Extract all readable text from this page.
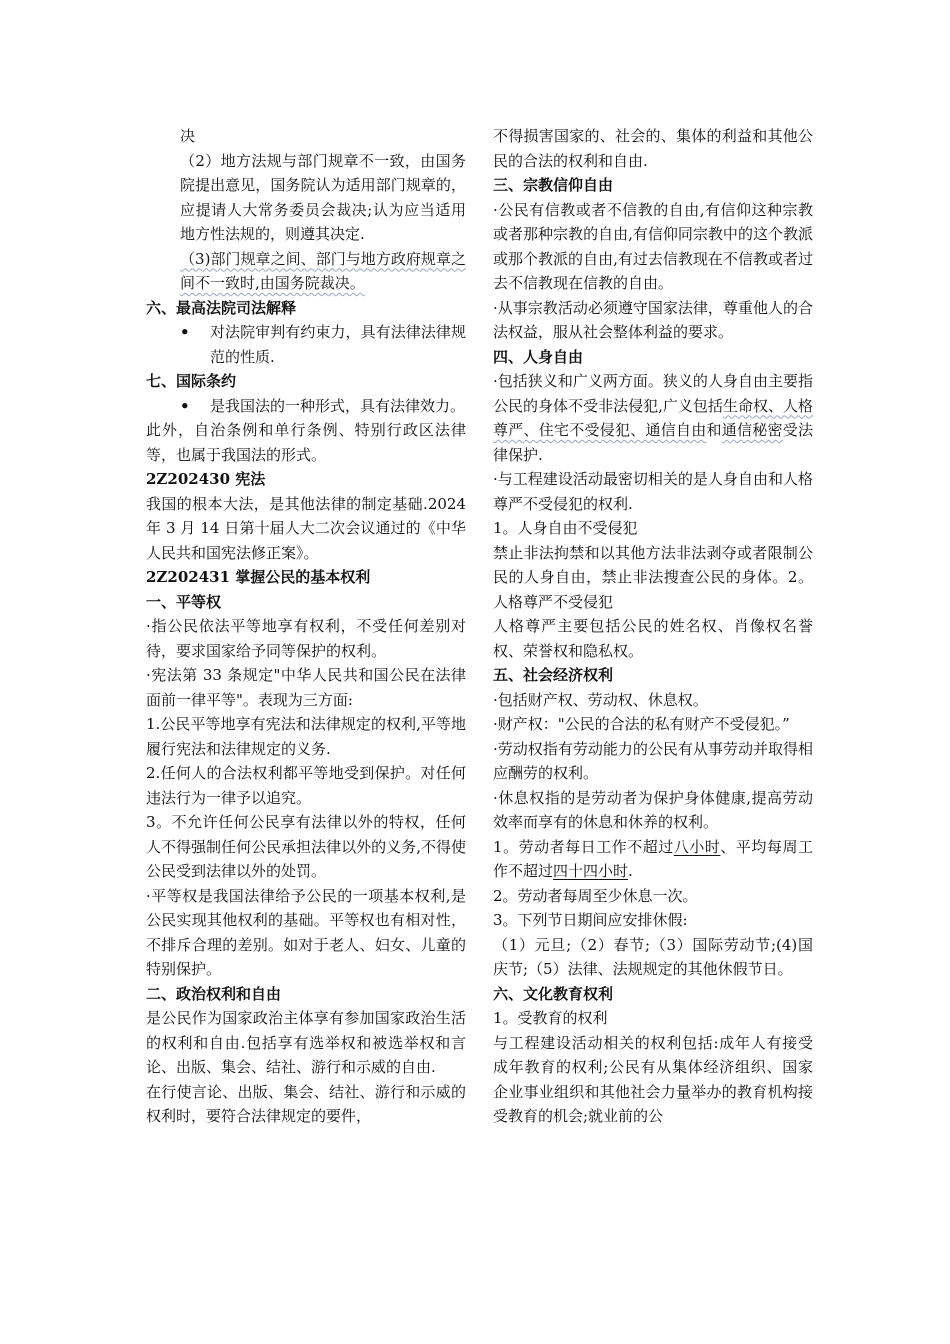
决

（2）地方法规与部门规章不一致，由国务院提出意见，国务院认为适用部门规章的，应提请人大常务委员会裁决;认为应当适用地方性法规的，则遵其决定.

（3)部门规章之间、部门与地方政府规章之间不一致时,由国务院裁决。

六、最高法院司法解释

•	对法院审判有约束力，具有法律法律规范的性质.

七、国际条约

•	是我国法的一种形式，具有法律效力。

此外，自治条例和单行条例、特别行政区法律等，也属于我国法的形式。

2Z202430 宪法

我国的根本大法，是其他法律的制定基础.2024 年 3 月 14 日第十届人大二次会议通过的《中华人民共和国宪法修正案》。

2Z202431 掌握公民的基本权利

一、平等权

·指公民依法平等地享有权利，不受任何差别对待，要求国家给予同等保护的权利。

·宪法第 33 条规定"中华人民共和国公民在法律面前一律平等"。表现为三方面:

1.公民平等地享有宪法和法律规定的权利,平等地履行宪法和法律规定的义务.

2.任何人的合法权利都平等地受到保护。对任何违法行为一律予以追究。

3。不允许任何公民享有法律以外的特权，任何人不得强制任何公民承担法律以外的义务,不得使公民受到法律以外的处罚。

·平等权是我国法律给予公民的一项基本权利,是公民实现其他权利的基础。平等权也有相对性，不排斥合理的差别。如对于老人、妇女、儿童的特别保护。

二、政治权利和自由

是公民作为国家政治主体享有参加国家政治生活的权利和自由.包括享有选举权和被选举权和言论、出版、集会、结社、游行和示威的自由.

在行使言论、出版、集会、结社、游行和示威的权利时，要符合法律规定的要件，

不得损害国家的、社会的、集体的利益和其他公民的合法的权利和自由.

三、宗教信仰自由

·公民有信教或者不信教的自由,有信仰这种宗教或者那种宗教的自由,有信仰同宗教中的这个教派或那个教派的自由,有过去信教现在不信教或者过去不信教现在信教的自由。

·从事宗教活动必须遵守国家法律，尊重他人的合法权益，服从社会整体利益的要求。

四、人身自由

·包括狭义和广义两方面。狭义的人身自由主要指公民的身体不受非法侵犯,广义包括生命权、人格尊严、住宅不受侵犯、通信自由和通信秘密受法律保护.

·与工程建设活动最密切相关的是人身自由和人格尊严不受侵犯的权利.

1。人身自由不受侵犯

禁止非法拘禁和以其他方法非法剥夺或者限制公民的人身自由，禁止非法搜查公民的身体。2。人格尊严不受侵犯

人格尊严主要包括公民的姓名权、肖像权名誉权、荣誉权和隐私权。

五、社会经济权利

·包括财产权、劳动权、休息权。

·财产权："公民的合法的私有财产不受侵犯。”

·劳动权指有劳动能力的公民有从事劳动并取得相应酬劳的权利。

·休息权指的是劳动者为保护身体健康,提高劳动效率而享有的休息和休养的权利。

1。劳动者每日工作不超过八小时、平均每周工作不超过四十四小时.

2。劳动者每周至少休息一次。

3。下列节日期间应安排休假:

（1）元旦;（2）春节;（3）国际劳动节;(4)国庆节;（5）法律、法规规定的其他休假节日。

六、文化教育权利

1。受教育的权利

与工程建设活动相关的权利包括:成年人有接受成年教育的权利;公民有从集体经济组织、国家企业事业组织和其他社会力量举办的教育机构接受教育的机会;就业前的公
